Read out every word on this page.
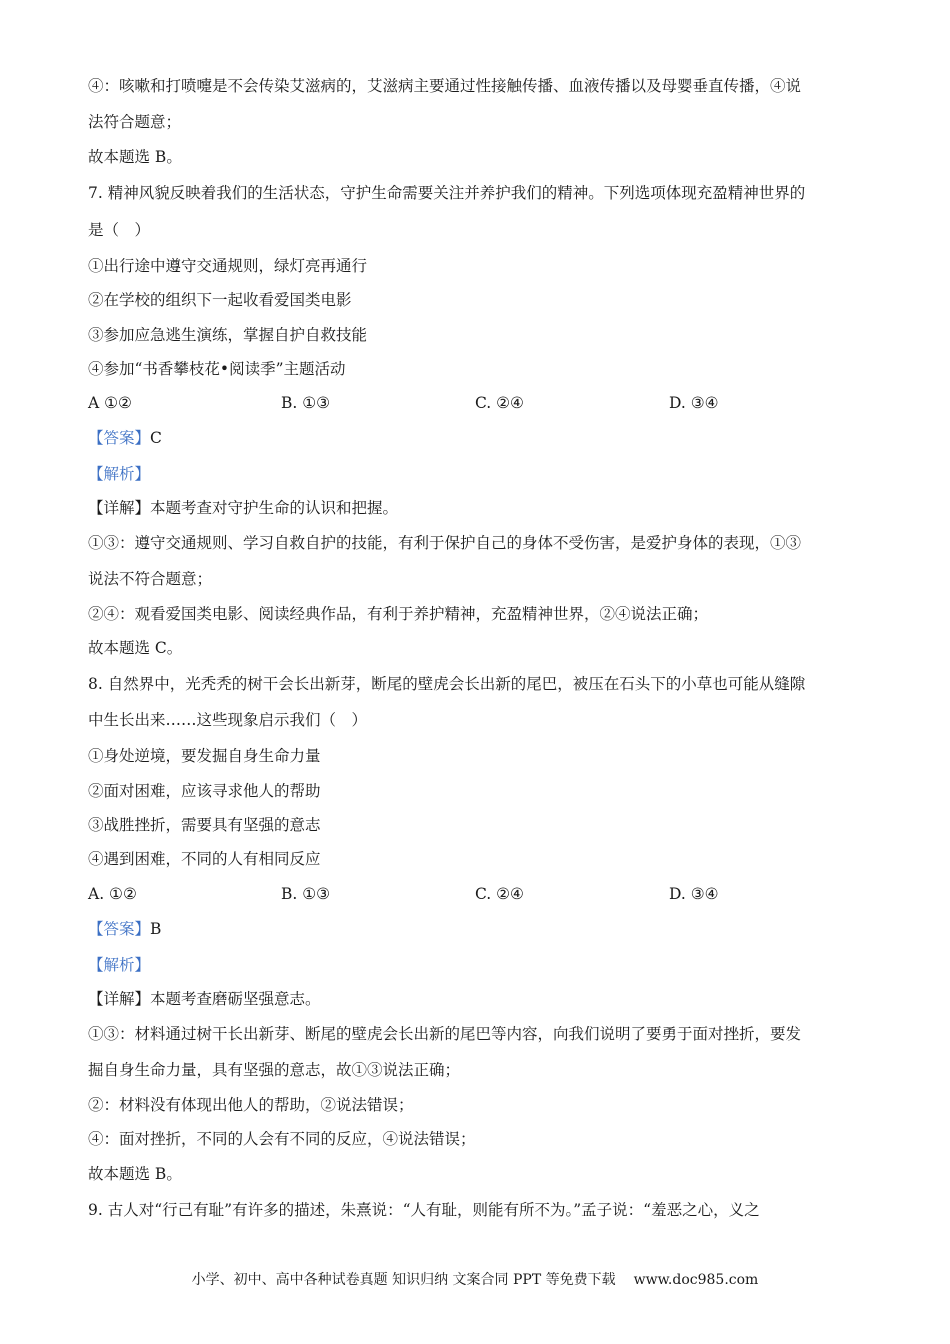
④：咳嗽和打喷嚏是不会传染艾滋病的，艾滋病主要通过性接触传播、血液传播以及母婴垂直传播，④说
法符合题意；
故本题选 B。
7. 精神风貌反映着我们的生活状态，守护生命需要关注并养护我们的精神。下列选项体现充盈精神世界的
是（　）
①出行途中遵守交通规则，绿灯亮再通行
②在学校的组织下一起收看爱国类电影
③参加应急逃生演练，掌握自护自救技能
④参加“书香攀枝花•阅读季”主题活动
A ①②	B. ①③	C. ②④	D. ③④
【答案】C
【解析】
【详解】本题考查对守护生命的认识和把握。
①③：遵守交通规则、学习自救自护的技能，有利于保护自己的身体不受伤害，是爱护身体的表现，①③
说法不符合题意；
②④：观看爱国类电影、阅读经典作品，有利于养护精神，充盈精神世界，②④说法正确；
故本题选 C。
8. 自然界中，光秃秃的树干会长出新芽，断尾的壁虎会长出新的尾巴，被压在石头下的小草也可能从缝隙
中生长出来……这些现象启示我们（　）
①身处逆境，要发掘自身生命力量
②面对困难，应该寻求他人的帮助
③战胜挫折，需要具有坚强的意志
④遇到困难，不同的人有相同反应
A. ①②	B. ①③	C. ②④	D. ③④
【答案】B
【解析】
【详解】本题考查磨砺坚强意志。
①③：材料通过树干长出新芽、断尾的壁虎会长出新的尾巴等内容，向我们说明了要勇于面对挫折，要发
掘自身生命力量，具有坚强的意志，故①③说法正确；
②：材料没有体现出他人的帮助，②说法错误；
④：面对挫折，不同的人会有不同的反应，④说法错误；
故本题选 B。
9. 古人对“行己有耻”有许多的描述，朱熹说：“人有耻，则能有所不为。”孟子说：“羞恶之心，义之
小学、初中、高中各种试卷真题 知识归纳 文案合同 PPT 等免费下载 www.doc985.com
